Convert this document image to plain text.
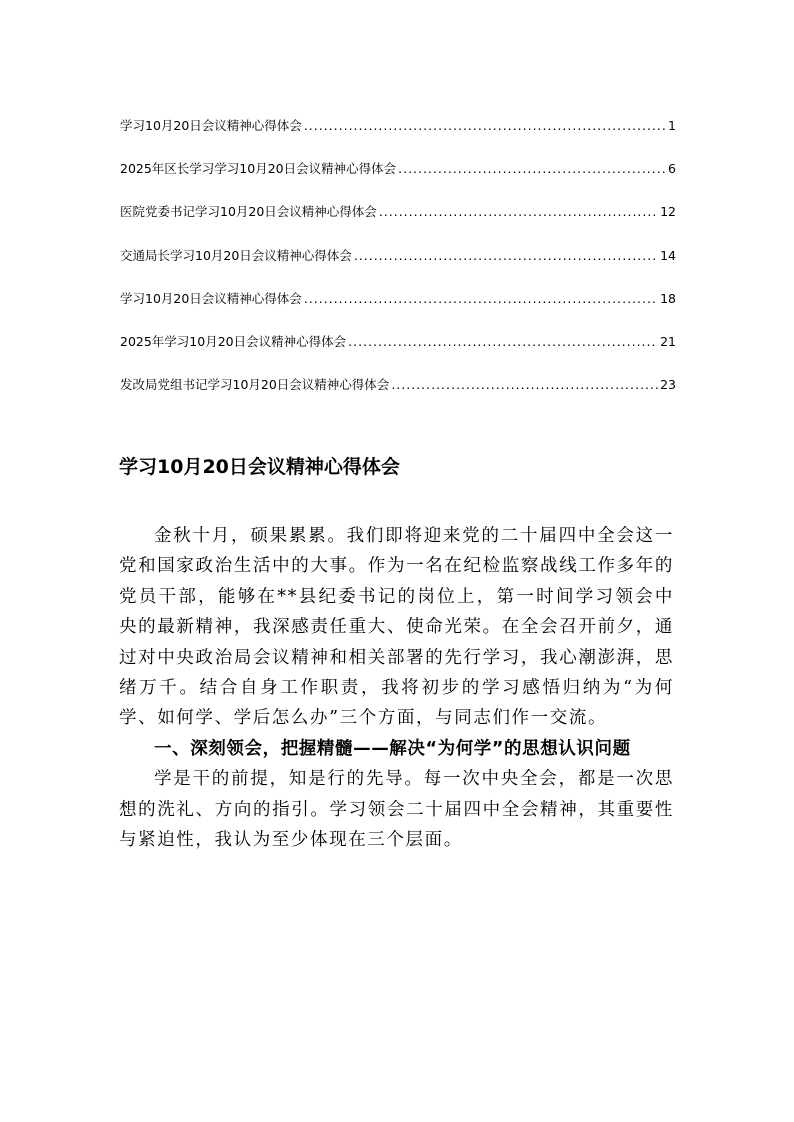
学习10月20日会议精神心得体会 .....	1
2025年区长学习学习10月20日会议精神心得体会 .....	6
医院党委书记学习10月20日会议精神心得体会 .....	12
交通局长学习10月20日会议精神心得体会 .....	14
学习10月20日会议精神心得体会 .....	18
2025年学习10月20日会议精神心得体会 .....	21
发改局党组书记学习10月20日会议精神心得体会 .....	23
学习10月20日会议精神心得体会

金秋十月，硕果累累。我们即将迎来党的二十届四中全会这一党和国家政治生活中的大事。作为一名在纪检监察战线工作多年的党员干部，能够在**县纪委书记的岗位上，第一时间学习领会中央的最新精神，我深感责任重大、使命光荣。在全会召开前夕，通过对中央政治局会议精神和相关部署的先行学习，我心潮澎湃，思绪万千。结合自身工作职责，我将初步的学习感悟归纳为“为何学、如何学、学后怎么办”三个方面，与同志们作一交流。

一、深刻领会，把握精髓——解决“为何学”的思想认识问题

学是干的前提，知是行的先导。每一次中央全会，都是一次思想的洗礼、方向的指引。学习领会二十届四中全会精神，其重要性与紧迫性，我认为至少体现在三个层面。
